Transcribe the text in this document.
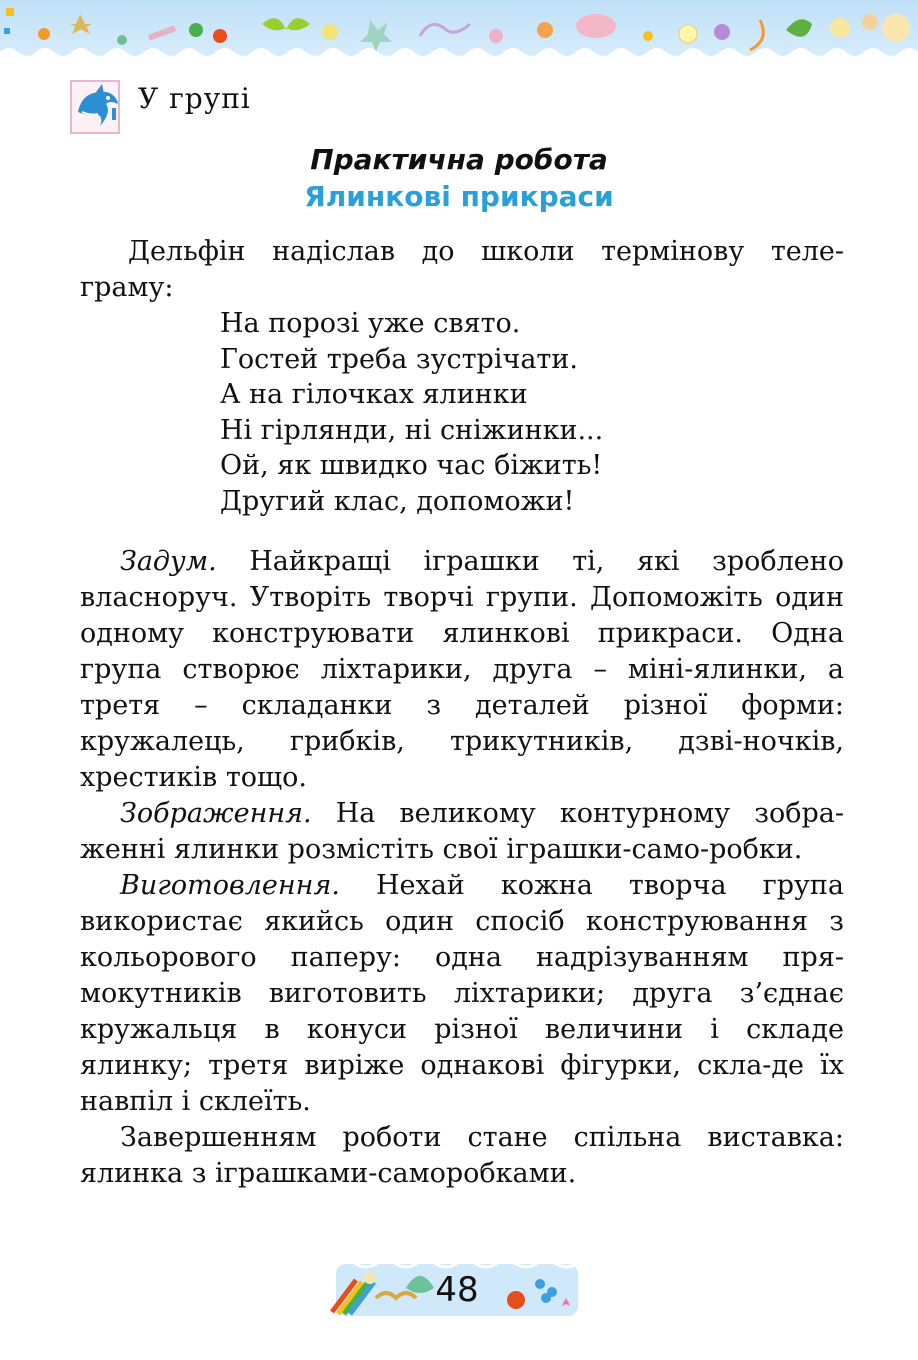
У групі
Практична робота
Ялинкові прикраси
Дельфін надіслав до школи термінову теле-граму:
На порозі уже свято.
Гостей треба зустрічати.
А на гілочках ялинки
Ні гірлянди, ні сніжинки...
Ой, як швидко час біжить!
Другий клас, допоможи!

Задум. Найкращі іграшки ті, які зроблено власноруч. Утворіть творчі групи. Допоможіть один одному конструювати ялинкові прикраси. Одна група створює ліхтарики, друга – міні-ялинки, а третя – складанки з деталей різної форми: кружалець, грибків, трикутників, дзві-ночків, хрестиків тощо.

Зображення. На великому контурному зобра-женні ялинки розмістіть свої іграшки-само-робки.

Виготовлення. Нехай кожна творча група використає якийсь один спосіб конструювання з кольорового паперу: одна надрізуванням пря-мокутників виготовить ліхтарики; друга з’єднає кружальця в конуси різної величини і складе ялинку; третя виріже однакові фігурки, скла-де їх навпіл і склеїть.

Завершенням роботи стане спільна виставка: ялинка з іграшками-саморобками.

48
